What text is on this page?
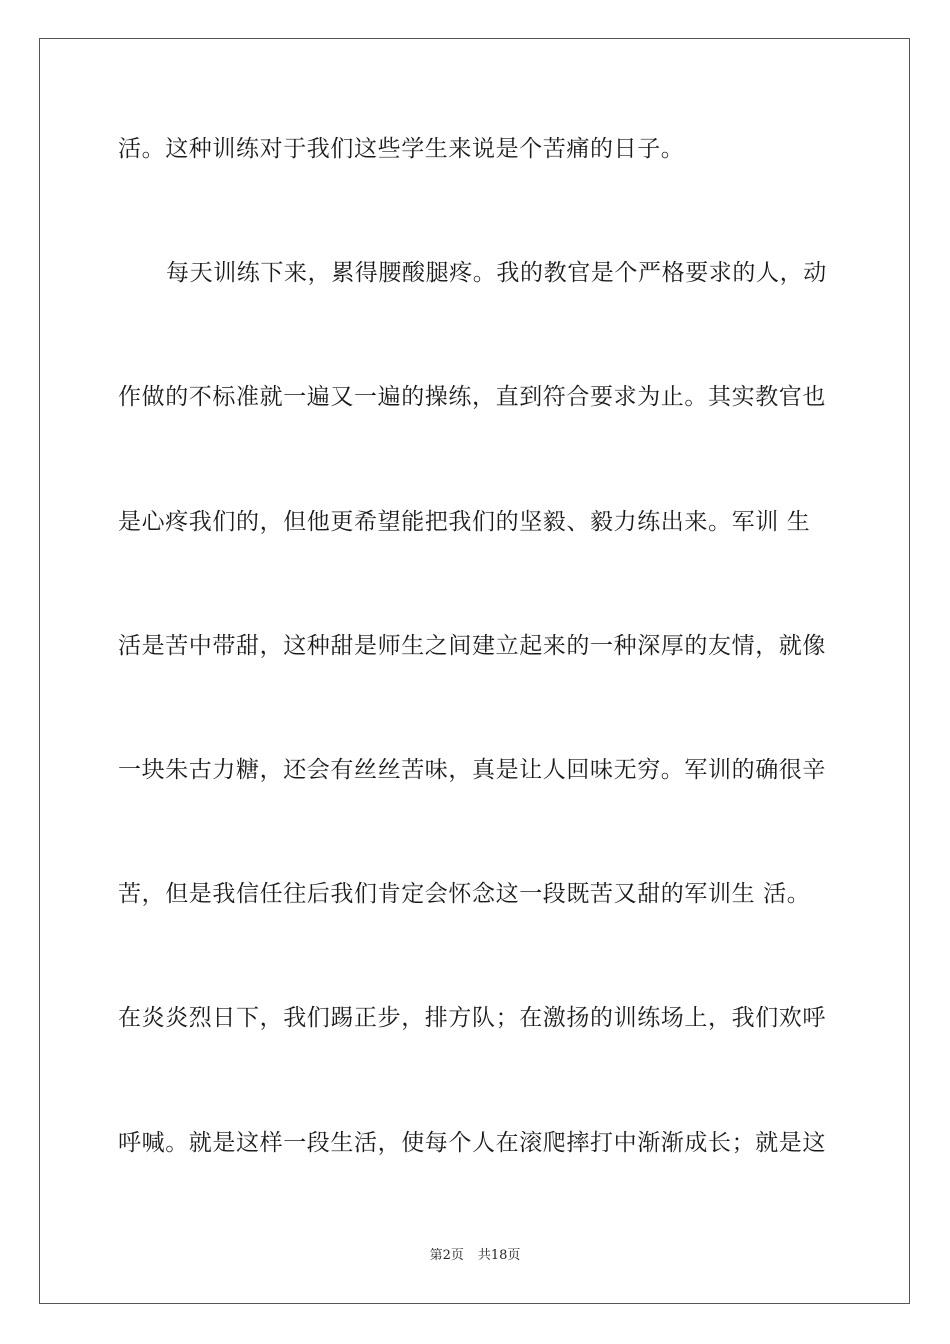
活。这种训练对于我们这些学生来说是个苦痛的日子。

每天训练下来，累得腰酸腿疼。我的教官是个严格要求的人，动

作做的不标准就一遍又一遍的操练，直到符合要求为止。其实教官也

是心疼我们的，但他更希望能把我们的坚毅、毅力练出来。军训 生

活是苦中带甜，这种甜是师生之间建立起来的一种深厚的友情，就像

一块朱古力糖，还会有丝丝苦味，真是让人回味无穷。军训的确很辛

苦，但是我信任往后我们肯定会怀念这一段既苦又甜的军训生 活。

在炎炎烈日下，我们踢正步，排方队；在激扬的训练场上，我们欢呼

呼喊。就是这样一段生活，使每个人在滚爬摔打中渐渐成长；就是这

第2页 共18页
